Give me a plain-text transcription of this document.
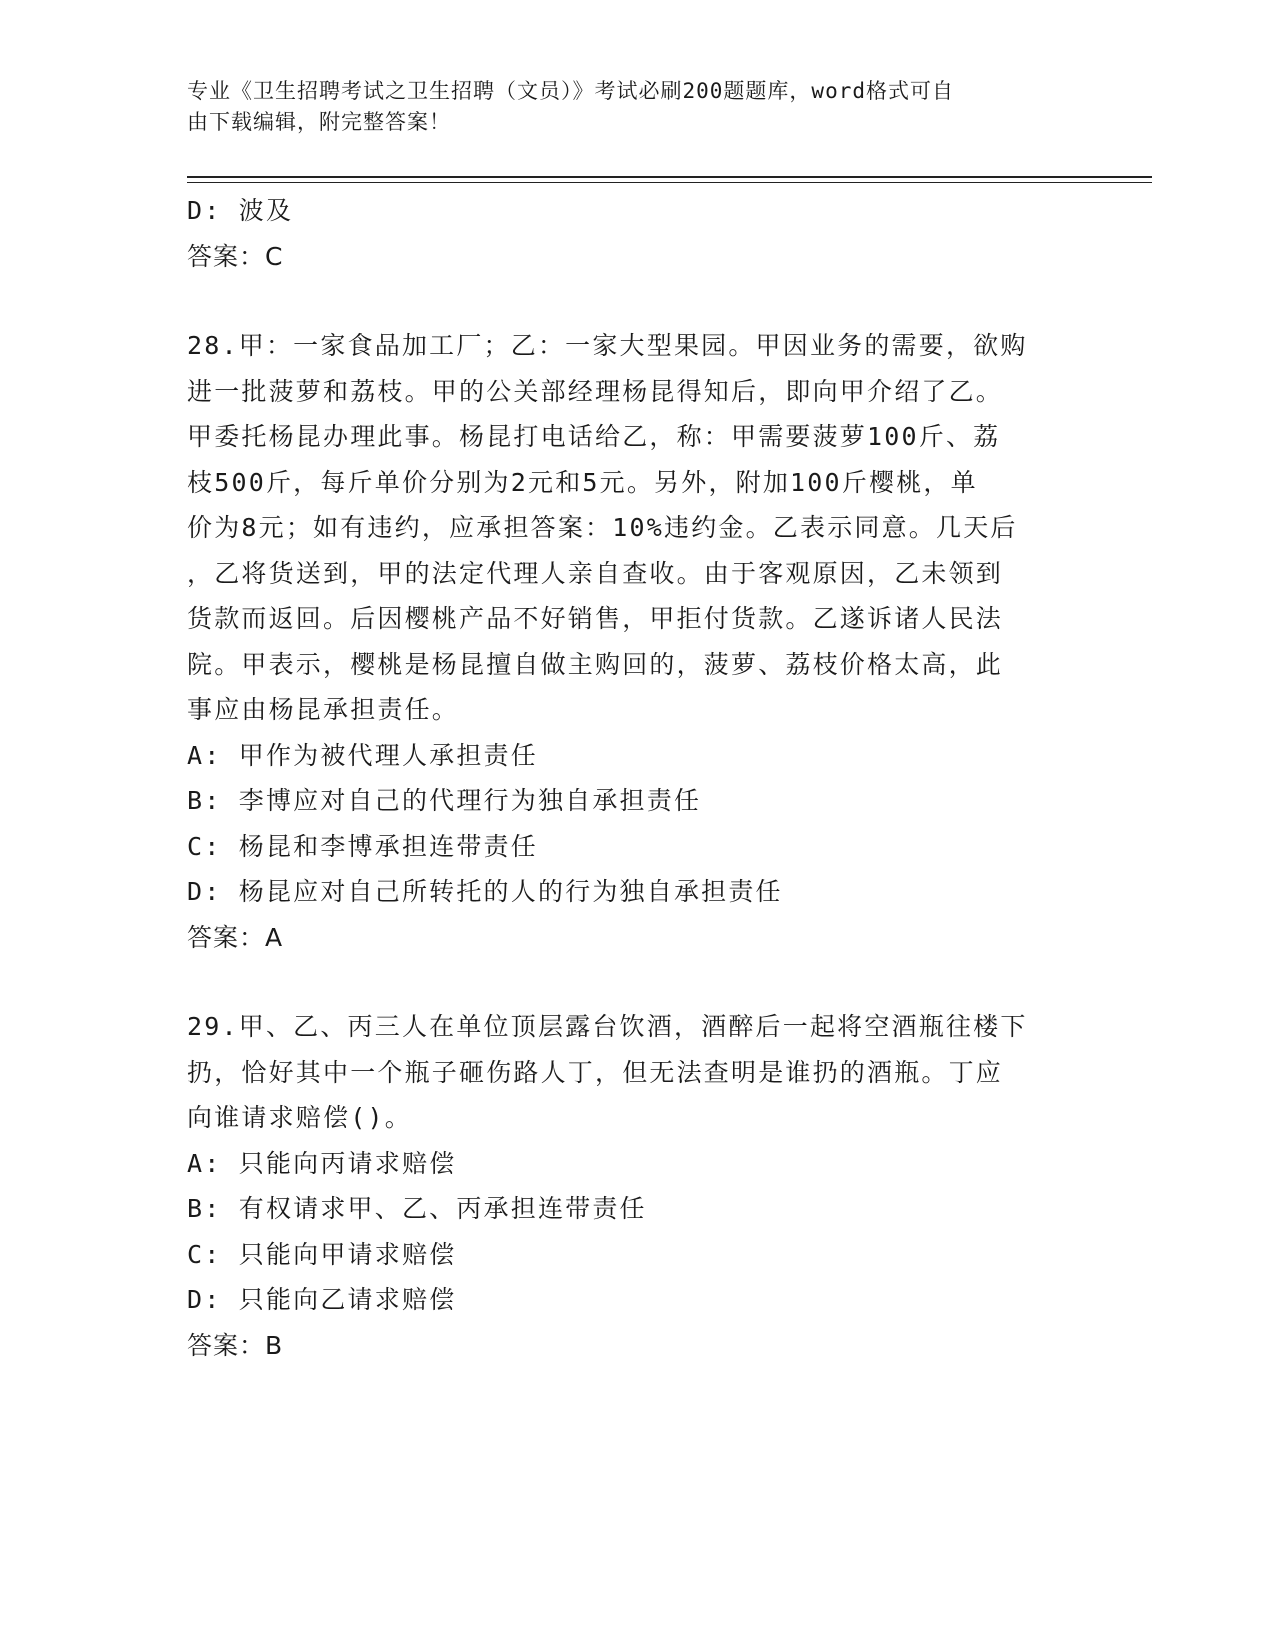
专业《卫生招聘考试之卫生招聘（文员）》考试必刷200题题库，word格式可自
由下载编辑，附完整答案！
D: 波及
答案：C
28.甲：一家食品加工厂；乙：一家大型果园。甲因业务的需要，欲购
进一批菠萝和荔枝。甲的公关部经理杨昆得知后，即向甲介绍了乙。
甲委托杨昆办理此事。杨昆打电话给乙，称：甲需要菠萝100斤、荔
枝500斤，每斤单价分别为2元和5元。另外，附加100斤樱桃，单
价为8元；如有违约，应承担答案：10%违约金。乙表示同意。几天后
，乙将货送到，甲的法定代理人亲自查收。由于客观原因，乙未领到
货款而返回。后因樱桃产品不好销售，甲拒付货款。乙遂诉诸人民法
院。甲表示，樱桃是杨昆擅自做主购回的，菠萝、荔枝价格太高，此
事应由杨昆承担责任。
A: 甲作为被代理人承担责任
B: 李博应对自己的代理行为独自承担责任
C: 杨昆和李博承担连带责任
D: 杨昆应对自己所转托的人的行为独自承担责任
答案：A
29.甲、乙、丙三人在单位顶层露台饮酒，酒醉后一起将空酒瓶往楼下
扔，恰好其中一个瓶子砸伤路人丁，但无法查明是谁扔的酒瓶。丁应
向谁请求赔偿()。
A: 只能向丙请求赔偿
B: 有权请求甲、乙、丙承担连带责任
C: 只能向甲请求赔偿
D: 只能向乙请求赔偿
答案：B
